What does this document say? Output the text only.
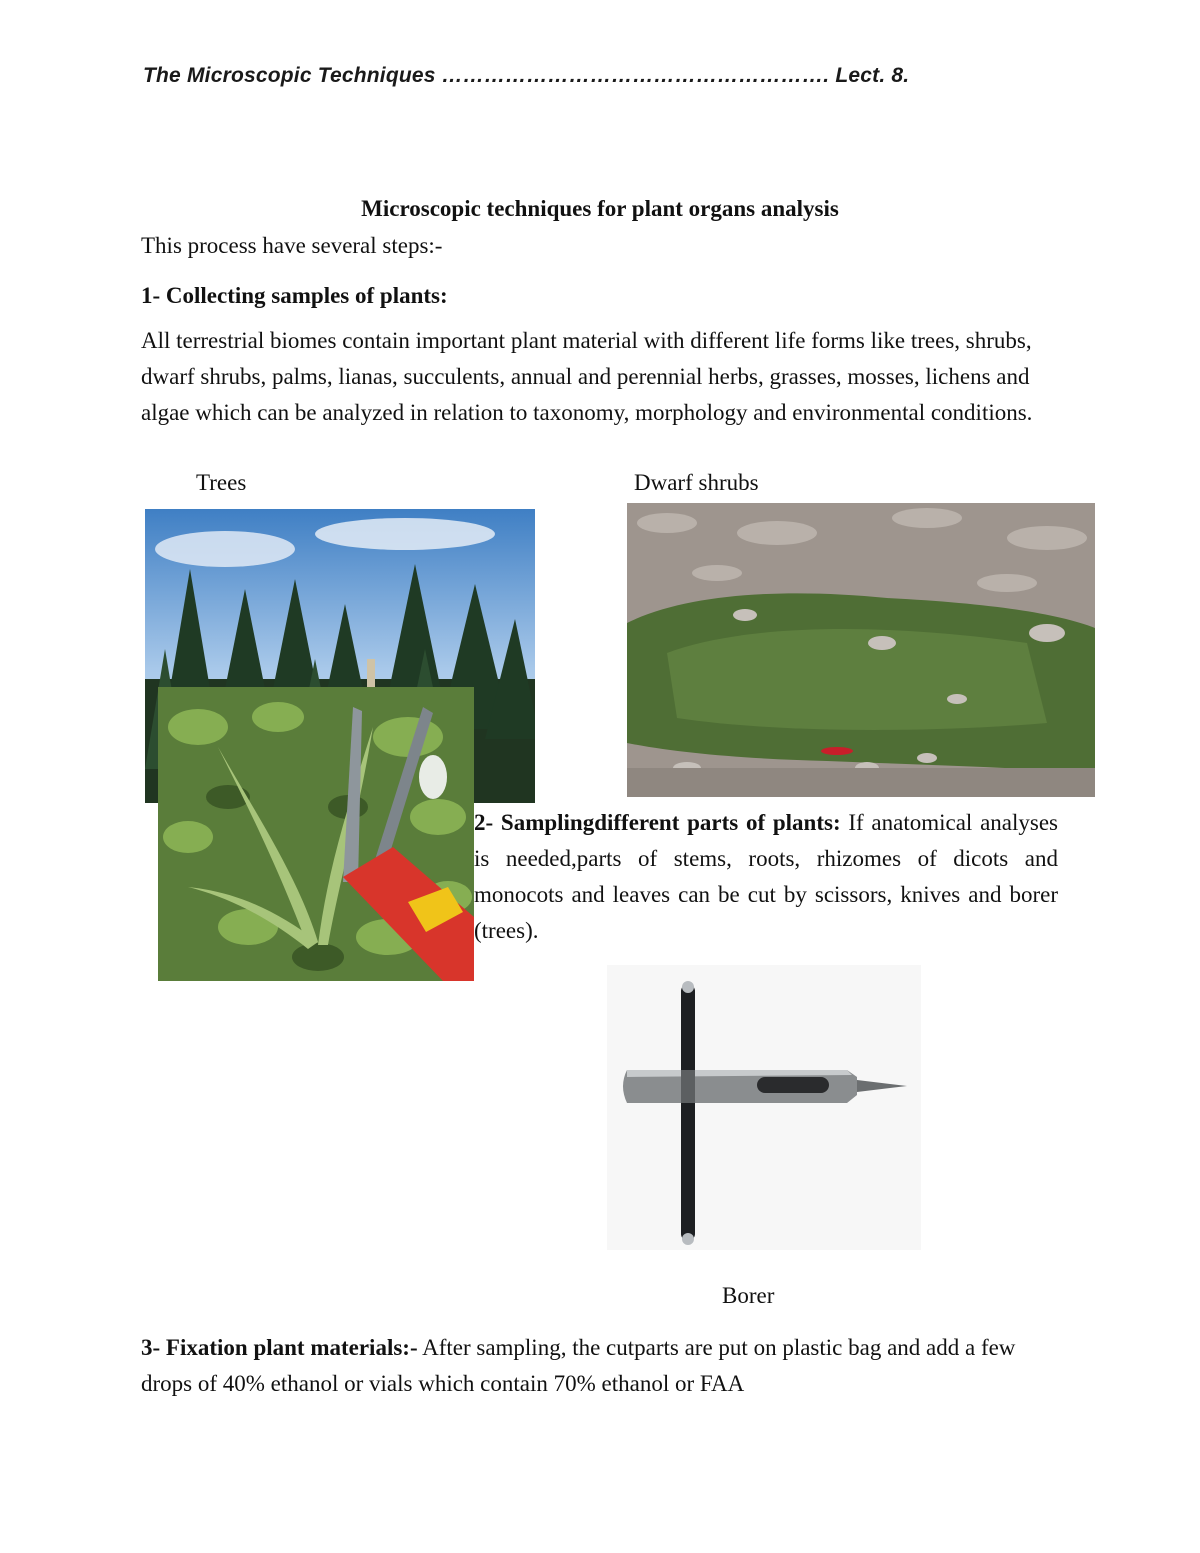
The Microscopic Techniques ………………………………………………. Lect. 8.
Microscopic techniques for plant organs analysis
This process have several steps:-
1- Collecting samples of plants:
All terrestrial biomes contain important plant material with different life forms like trees, shrubs, dwarf shrubs, palms, lianas, succulents, annual and perennial herbs, grasses, mosses, lichens and algae which can be analyzed in relation to taxonomy, morphology and environmental conditions.
Trees	Dwarf shrubs
2- Samplingdifferent parts of plants: If anatomical analyses is needed,parts of stems, roots, rhizomes of dicots and monocots and leaves can be cut by scissors, knives and borer (trees).
Borer
3- Fixation plant materials:- After sampling, the cutparts are put on plastic bag and add a few drops of 40% ethanol or vials which contain 70% ethanol or FAA
